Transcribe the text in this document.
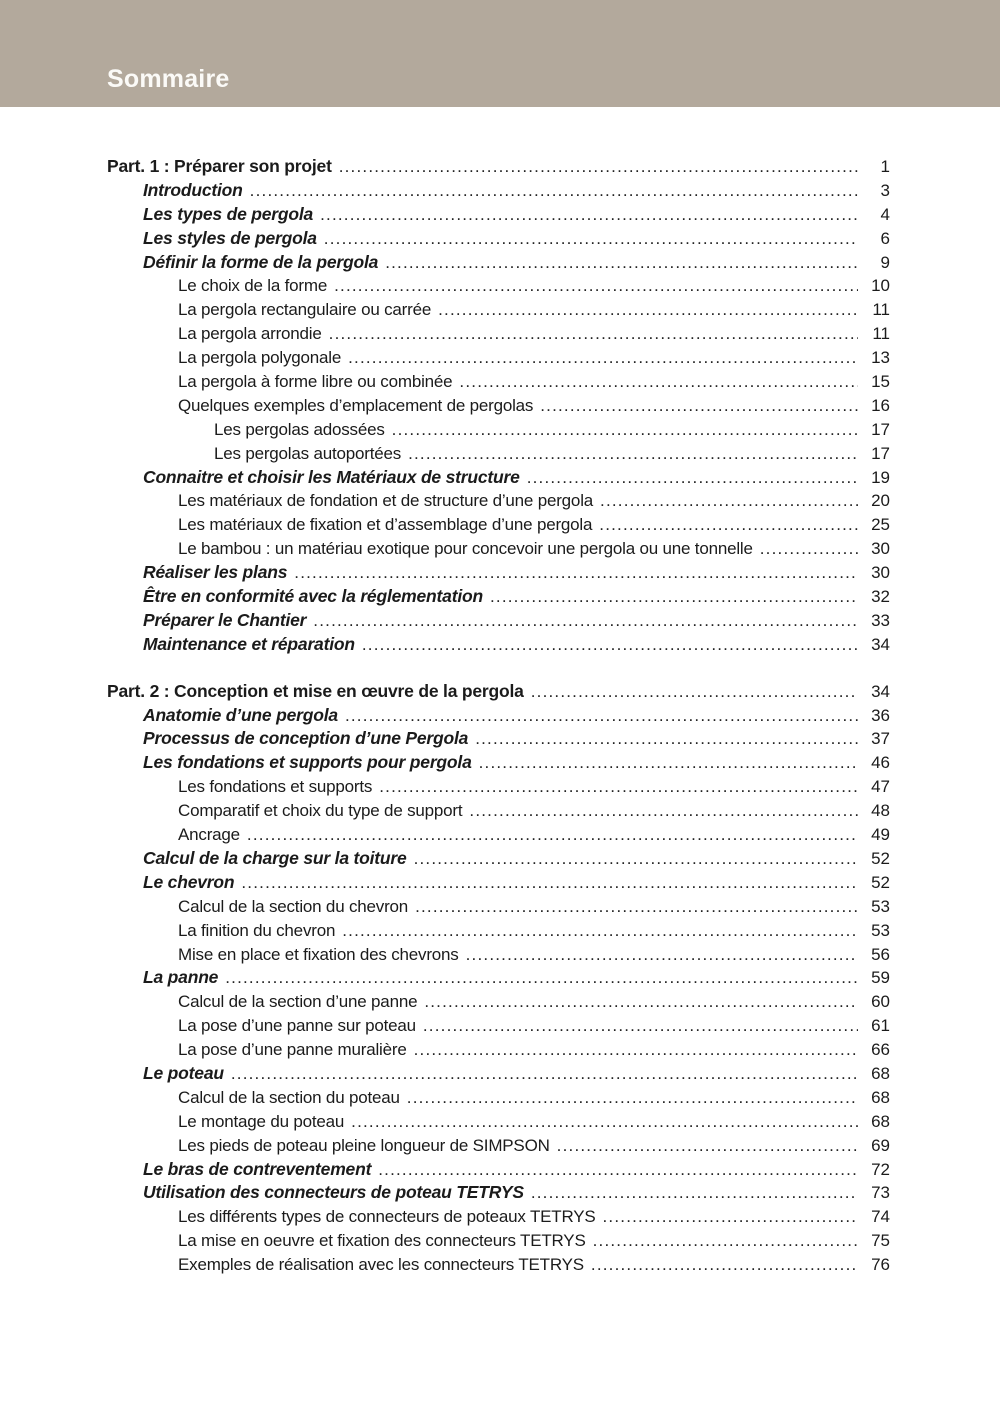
Sommaire
Part. 1 : Préparer son projet .....	1
Introduction .....	3
Les types de pergola .....	4
Les styles de pergola .....	6
Définir la forme de la pergola .....	9
Le choix de la forme .....	10
La pergola rectangulaire ou carrée .....	11
La pergola arrondie .....	11
La pergola polygonale .....	13
La pergola à forme libre ou combinée .....	15
Quelques exemples d’emplacement de pergolas .....	16
Les pergolas adossées .....	17
Les pergolas autoportées .....	17
Connaitre et choisir les Matériaux de structure .....	19
Les matériaux de fondation et de structure d’une pergola .....	20
Les matériaux de fixation et d’assemblage d’une pergola .....	25
Le bambou : un matériau exotique pour concevoir une pergola ou une tonnelle .....	30
Réaliser les plans .....	30
Être en conformité avec la réglementation .....	32
Préparer le Chantier .....	33
Maintenance et réparation .....	34
Part. 2 : Conception et mise en œuvre de la pergola .....	34
Anatomie d’une pergola .....	36
Processus de conception d’une Pergola .....	37
Les fondations et supports pour pergola .....	46
Les fondations et supports .....	47
Comparatif et choix du type de support .....	48
Ancrage .....	49
Calcul de la charge sur la toiture .....	52
Le chevron .....	52
Calcul de la section du chevron .....	53
La finition du chevron .....	53
Mise en place et fixation des chevrons .....	56
La panne .....	59
Calcul de la section d’une panne .....	60
La pose d’une panne sur poteau .....	61
La pose d’une panne muralière .....	66
Le poteau .....	68
Calcul de la section du poteau .....	68
Le montage du poteau .....	68
Les pieds de poteau pleine longueur de SIMPSON .....	69
Le bras de contreventement .....	72
Utilisation des connecteurs de poteau TETRYS .....	73
Les différents types de connecteurs de poteaux TETRYS .....	74
La mise en oeuvre et fixation des connecteurs TETRYS .....	75
Exemples de réalisation avec les connecteurs TETRYS .....	76
